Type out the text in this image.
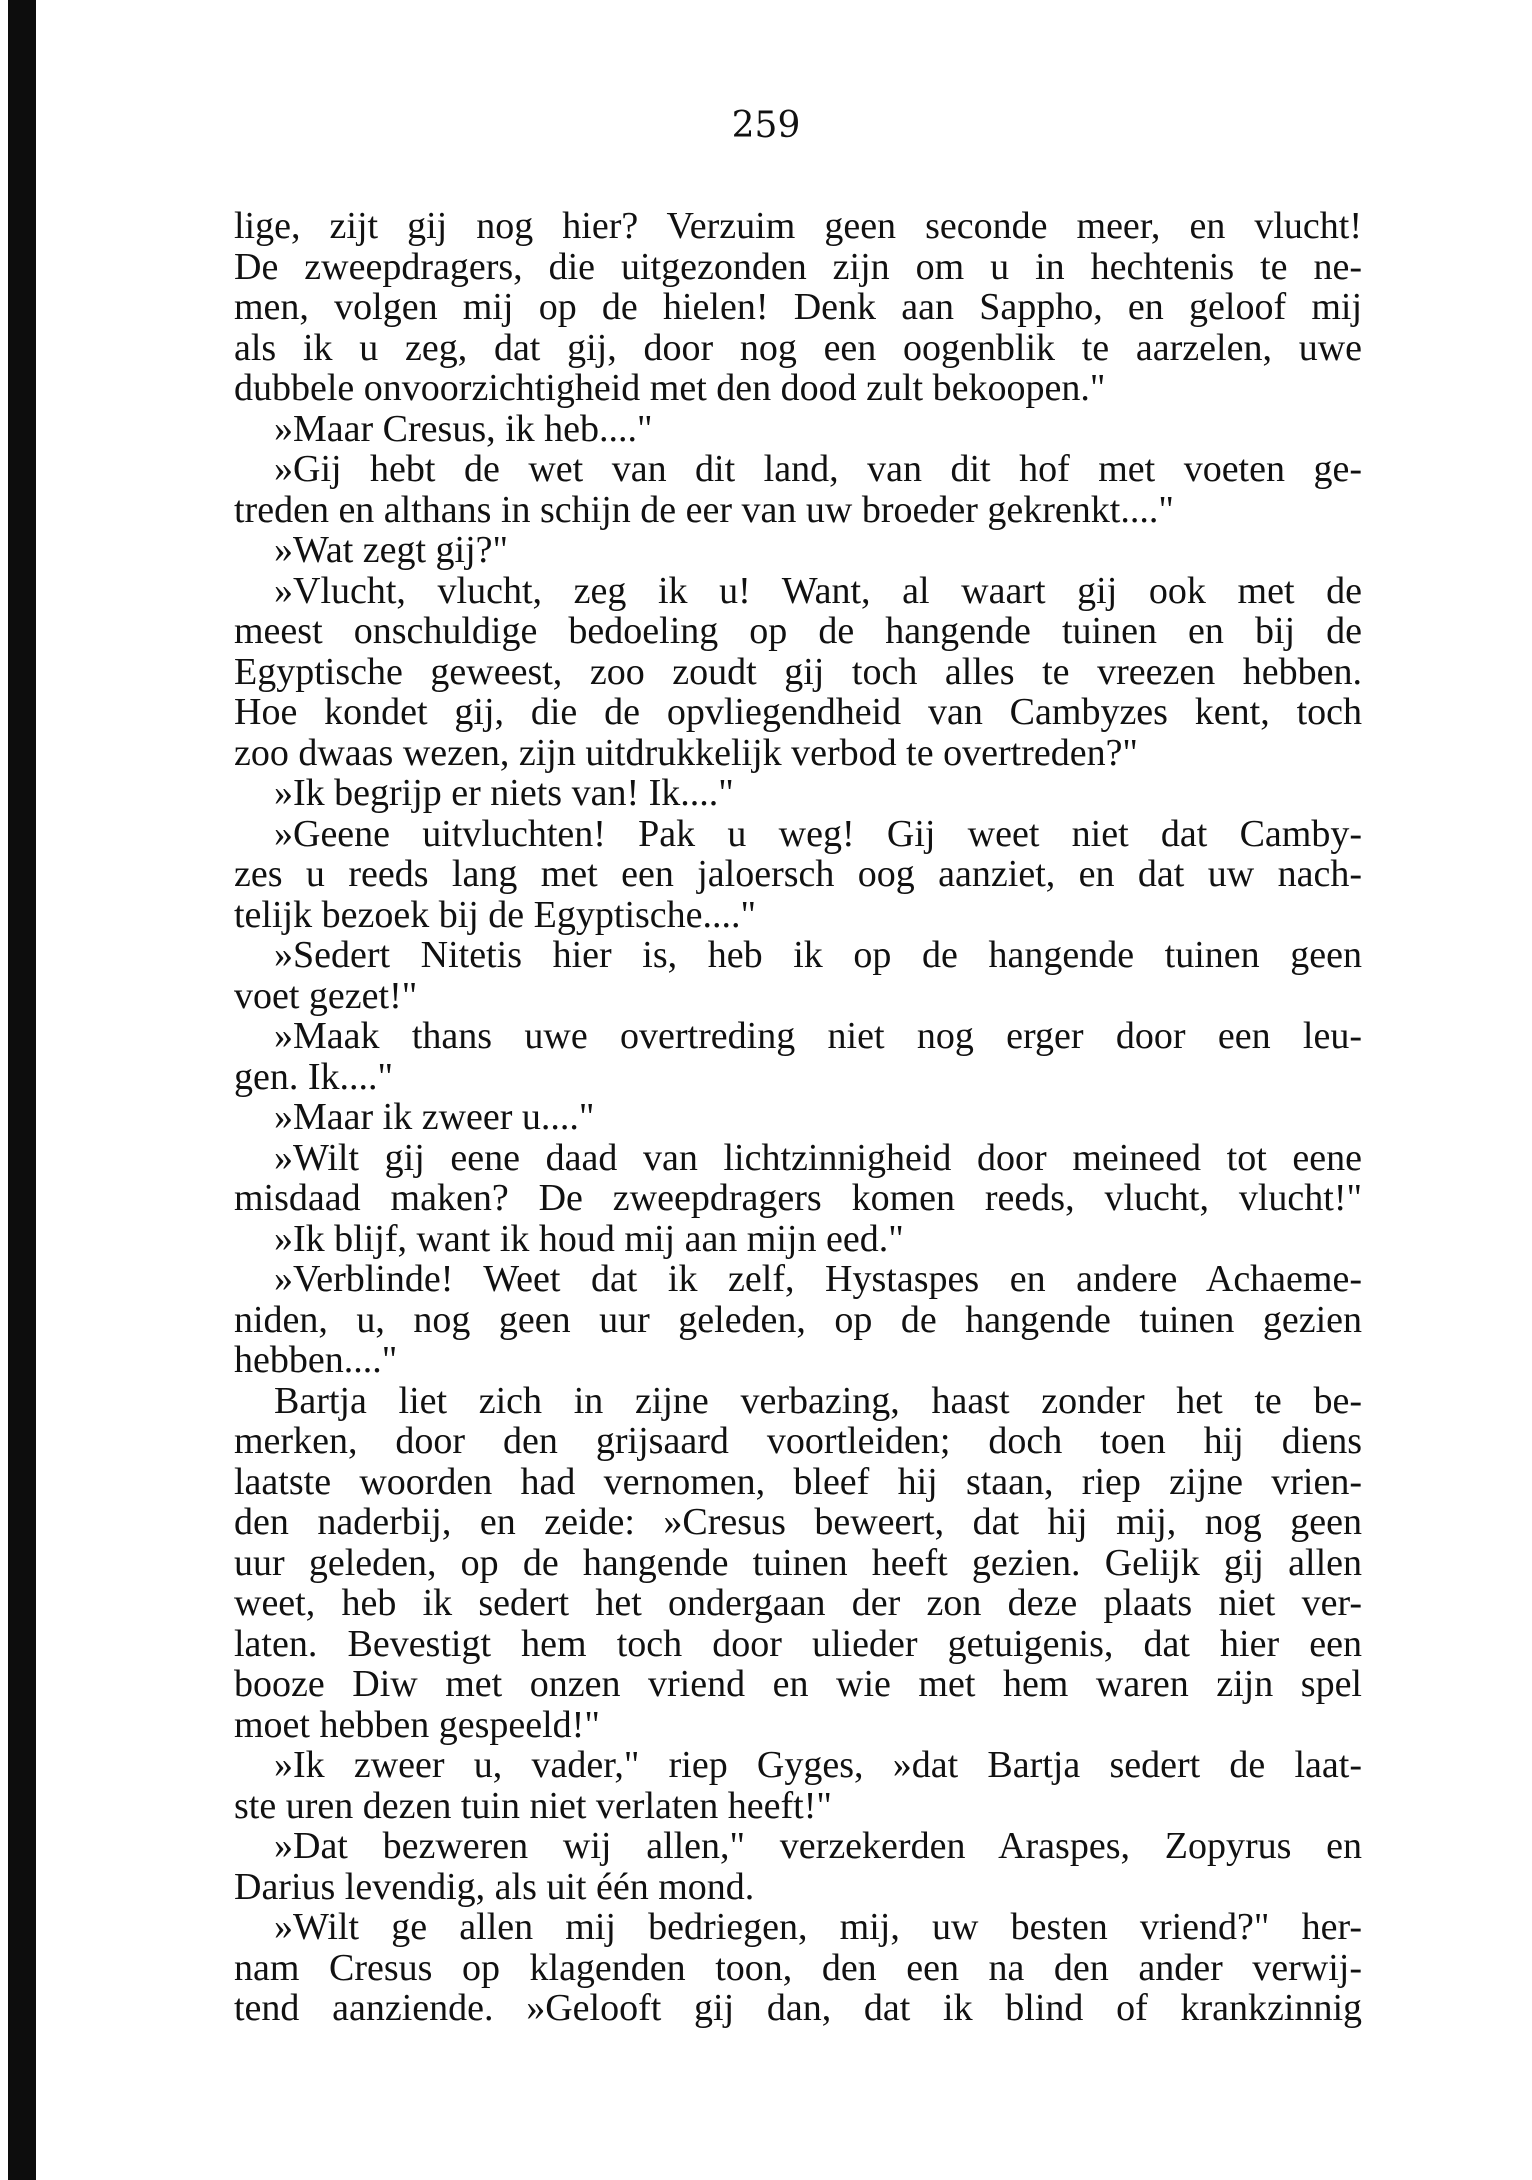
259
lige, zijt gij nog hier? Verzuim geen seconde meer, en vlucht!
De zweepdragers, die uitgezonden zijn om u in hechtenis te ne-
men, volgen mij op de hielen! Denk aan Sappho, en geloof mij
als ik u zeg, dat gij, door nog een oogenblik te aarzelen, uwe
dubbele onvoorzichtigheid met den dood zult bekoopen."
»Maar Cresus, ik heb...."
»Gij hebt de wet van dit land, van dit hof met voeten ge-
treden en althans in schijn de eer van uw broeder gekrenkt...."
»Wat zegt gij?"
»Vlucht, vlucht, zeg ik u! Want, al waart gij ook met de
meest onschuldige bedoeling op de hangende tuinen en bij de
Egyptische geweest, zoo zoudt gij toch alles te vreezen hebben.
Hoe kondet gij, die de opvliegendheid van Cambyzes kent, toch
zoo dwaas wezen, zijn uitdrukkelijk verbod te overtreden?"
»Ik begrijp er niets van! Ik...."
»Geene uitvluchten! Pak u weg! Gij weet niet dat Camby-
zes u reeds lang met een jaloersch oog aanziet, en dat uw nach-
telijk bezoek bij de Egyptische...."
»Sedert Nitetis hier is, heb ik op de hangende tuinen geen
voet gezet!"
»Maak thans uwe overtreding niet nog erger door een leu-
gen. Ik...."
»Maar ik zweer u...."
»Wilt gij eene daad van lichtzinnigheid door meineed tot eene
misdaad maken? De zweepdragers komen reeds, vlucht, vlucht!"
»Ik blijf, want ik houd mij aan mijn eed."
»Verblinde! Weet dat ik zelf, Hystaspes en andere Achaeme-
niden, u, nog geen uur geleden, op de hangende tuinen gezien
hebben...."
Bartja liet zich in zijne verbazing, haast zonder het te be-
merken, door den grijsaard voortleiden; doch toen hij diens
laatste woorden had vernomen, bleef hij staan, riep zijne vrien-
den naderbij, en zeide: »Cresus beweert, dat hij mij, nog geen
uur geleden, op de hangende tuinen heeft gezien. Gelijk gij allen
weet, heb ik sedert het ondergaan der zon deze plaats niet ver-
laten. Bevestigt hem toch door ulieder getuigenis, dat hier een
booze Diw met onzen vriend en wie met hem waren zijn spel
moet hebben gespeeld!"
»Ik zweer u, vader," riep Gyges, »dat Bartja sedert de laat-
ste uren dezen tuin niet verlaten heeft!"
»Dat bezweren wij allen," verzekerden Araspes, Zopyrus en
Darius levendig, als uit één mond.
»Wilt ge allen mij bedriegen, mij, uw besten vriend?" her-
nam Cresus op klagenden toon, den een na den ander verwij-
tend aanziende. »Gelooft gij dan, dat ik blind of krankzinnig
